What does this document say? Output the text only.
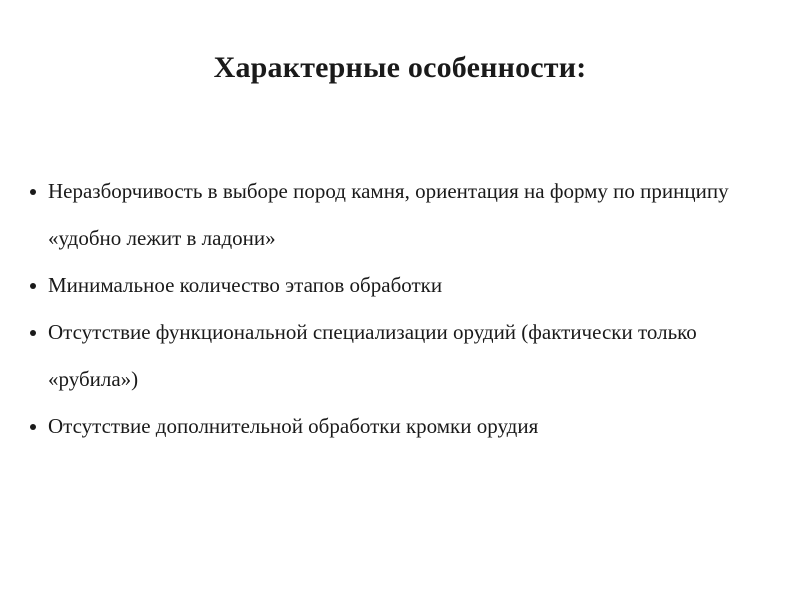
Характерные особенности:
Неразборчивость в выборе пород камня, ориентация на форму по принципу «удобно лежит в ладони»
Минимальное количество этапов обработки
Отсутствие функциональной специализации орудий (фактически только «рубила»)
Отсутствие дополнительной обработки кромки орудия
